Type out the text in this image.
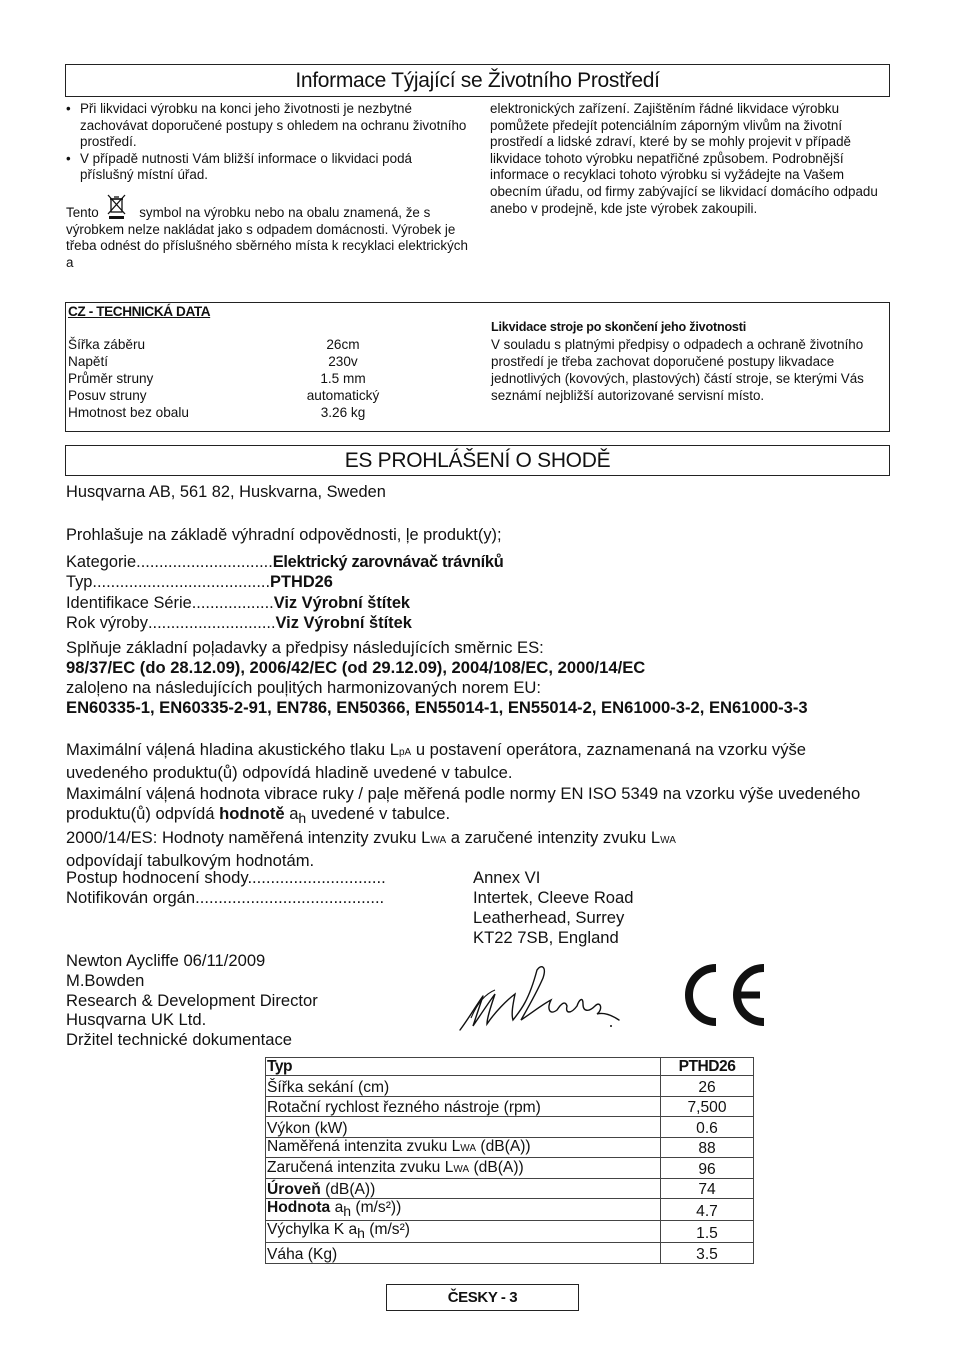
Informace Týjající se Životního Prostředí
• Při likvidaci výrobku na konci jeho životnosti je nezbytné zachovávat doporučené postupy s ohledem na ochranu životního prostředí.
• V případě nutnosti Vám bližší informace o likvidaci podá příslušný místní úřad.
Tento	symbol na výrobku nebo na obalu znamená, že s výrobkem nelze nakládat jako s odpadem domácnosti. Výrobek je třeba odnést do příslušného sběrného místa k recyklaci elektrických a
elektronických zařízení. Zajištěním řádné likvidace výrobku pomůžete předejít potenciálním záporným vlivům na životní prostředí a lidské zdraví, které by se mohly projevit v případě likvidace tohoto výrobku nepatřičné způsobem. Podrobnější informace o recyklaci tohoto výrobku si vyžádejte na Vašem obecním úřadu, od firmy zabývající se likvidací domácího odpadu anebo v prodejně, kde jste výrobek zakoupili.
CZ - TECHNICKÁ DATA
Šířka záběru	26cm
Napětí	230v
Průměr struny	1.5 mm
Posuv struny	automatický
Hmotnost bez obalu	3.26 kg
Likvidace stroje po skončení jeho životnosti
V souladu s platnými předpisy o odpadech a ochraně životního prostředí je třeba zachovat doporučené postupy likvadace jednotlivých (kovových, plastových) částí stroje, se kterými Vás seznámí nejbližší autorizované servisní místo.
ES PROHLÁŠENÍ O SHODĚ
Husqvarna AB, 561 82, Huskvarna, Sweden
Prohlašuje na základě výhradní odpovědnosti, ļe produkt(y);
Kategorie .............................. Elektrický zarovnávač trávníků
Typ ....................................... PTHD26
Identifikace Série .................. Viz Výrobní štítek
Rok výroby ............................ Viz Výrobní štítek
Splňuje základní poļadavky a předpisy následujících směrnic ES:
98/37/EC (do 28.12.09), 2006/42/EC (od 29.12.09), 2004/108/EC, 2000/14/EC
zaloļeno na následujících pouļitých harmonizovaných norem EU:
EN60335-1, EN60335-2-91, EN786, EN50366, EN55014-1, EN55014-2, EN61000-3-2, EN61000-3-3
Maximální váļená hladina akustického tlaku LpA u postavení operátora, zaznamenaná na vzorku výše uvedeného produktu(ů) odpovídá hladině uvedené v tabulce.
Maximální váļená hodnota vibrace ruky / paļe měřená podle normy EN ISO 5349 na vzorku výše uvedeného produktu(ů) odpvídá hodnotě $a_h$ uvedené v tabulce.
2000/14/ES: Hodnoty naměřená intenzity zvuku LWA a zaručené intenzity zvuku LWA
odpovídají tabulkovým hodnotám.
Postup hodnocení shody..............................	Annex VI
Notifikován orgán.........................................	Intertek, Cleeve Road
Leatherhead, Surrey
KT22 7SB, England
Newton Aycliffe 06/11/2009
M.Bowden
Research & Development Director
Husqvarna UK Ltd.
Držitel technické dokumentace
Typ	PTHD26
Šířka sekání (cm)	26
Rotační rychlost řezného nástroje (rpm)	7,500
Výkon (kW)	0.6
Naměřená intenzita zvuku LWA (dB(A))	88
Zaručená intenzita zvuku LWA (dB(A))	96
Úroveň (dB(A))	74
Hodnota ah (m/s²))	4.7
Výchylka K ah (m/s²)	1.5
Váha (Kg)	3.5
ČESKY - 3
